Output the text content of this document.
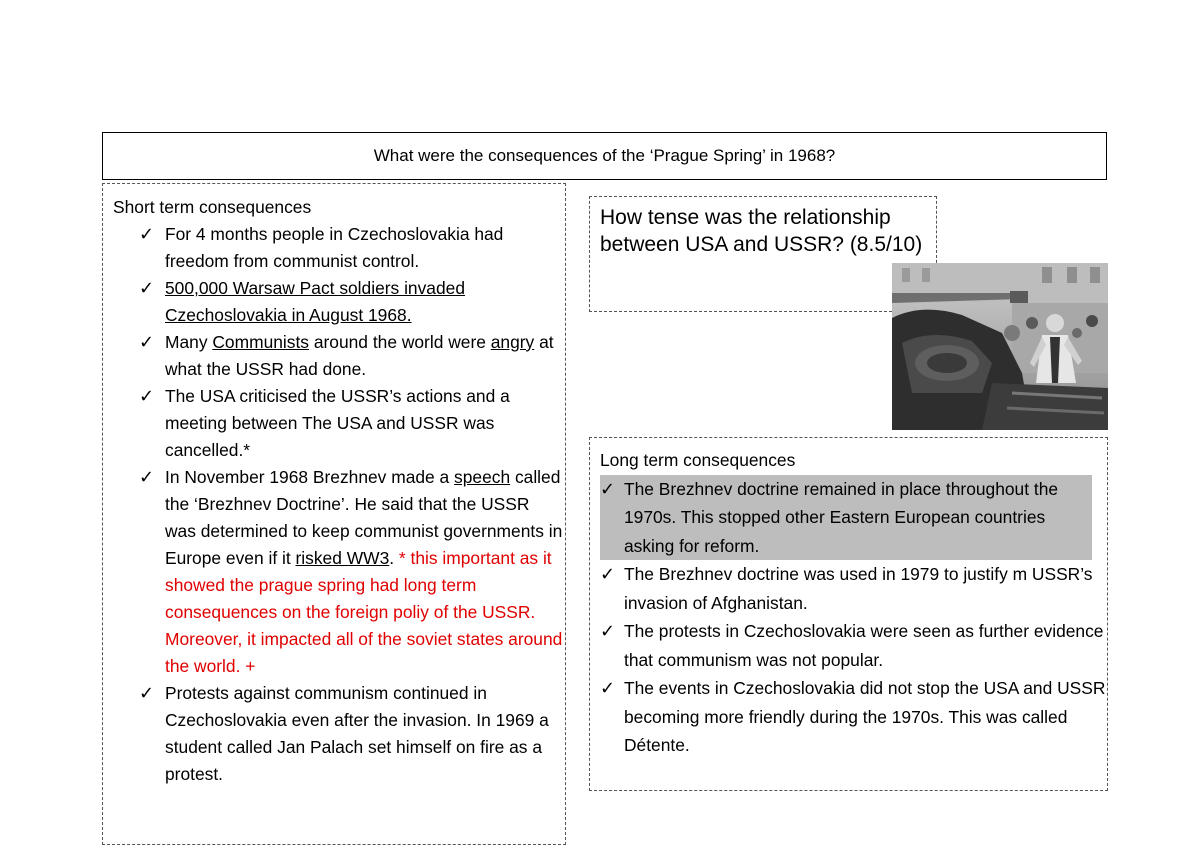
What were the consequences of the ‘Prague Spring’ in 1968?
Short term consequences
✓ For 4 months people in Czechoslovakia had freedom from communist control.
✓ 500,000 Warsaw Pact soldiers invaded Czechoslovakia in August 1968.
✓ Many Communists around the world were angry at what the USSR had done.
✓ The USA criticised the USSR’s actions and a meeting between The USA and USSR was cancelled.*
✓ In November 1968 Brezhnev made a speech called the ‘Brezhnev Doctrine’. He said that the USSR was determined to keep communist governments in Europe even if it risked WW3. * this important as it showed the prague spring had long term consequences on the foreign poliy of the USSR. Moreover, it impacted all of the soviet states around the world. +
✓ Protests against communism continued in Czechoslovakia even after the invasion. In 1969 a student called Jan Palach set himself on fire as a protest.
How tense was the relationship between USA and USSR? (8.5/10)
Long term consequences
✓ The Brezhnev doctrine remained in place throughout the 1970s. This stopped other Eastern European countries asking for reform.
✓ The Brezhnev doctrine was used in 1979 to justify m USSR’s invasion of Afghanistan.
✓ The protests in Czechoslovakia were seen as further evidence that communism was not popular.
✓ The events in Czechoslovakia did not stop the USA and USSR becoming more friendly during the 1970s. This was called Détente.
